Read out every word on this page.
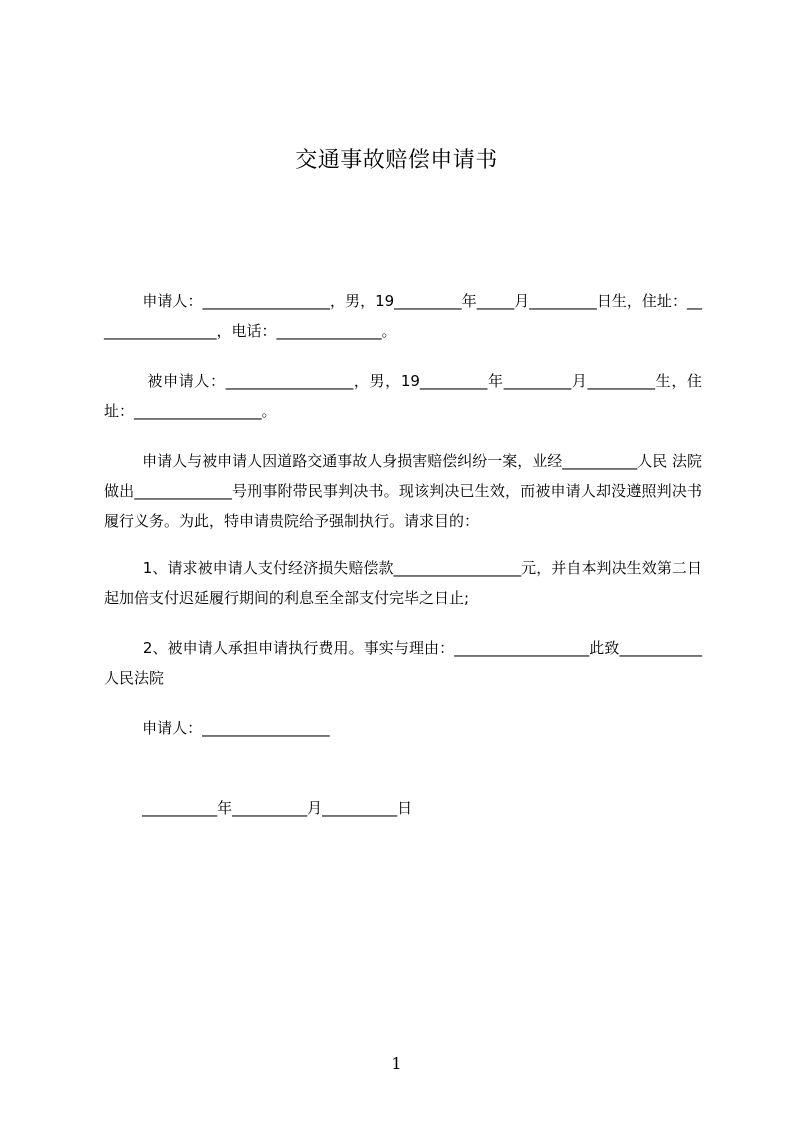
交通事故赔偿申请书
申请人：_________________，男，19_________年_____月_________日生，住址：_________________，电话：______________。
被申请人：_________________，男，19_________年_________月_________生，住址：_________________。
申请人与被申请人因道路交通事故人身损害赔偿纠纷一案，业经__________人民 法院做出_____________号刑事附带民事判决书。现该判决已生效，而被申请人却没遵照判决书履行义务。为此，特申请贵院给予强制执行。请求目的：
1、请求被申请人支付经济损失赔偿款_________________元，并自本判决生效第二日起加倍支付迟延履行期间的利息至全部支付完毕之日止;
2、被申请人承担申请执行费用。事实与理由：__________________此致___________人民法院
申请人：_________________
__________年__________月__________日
1
